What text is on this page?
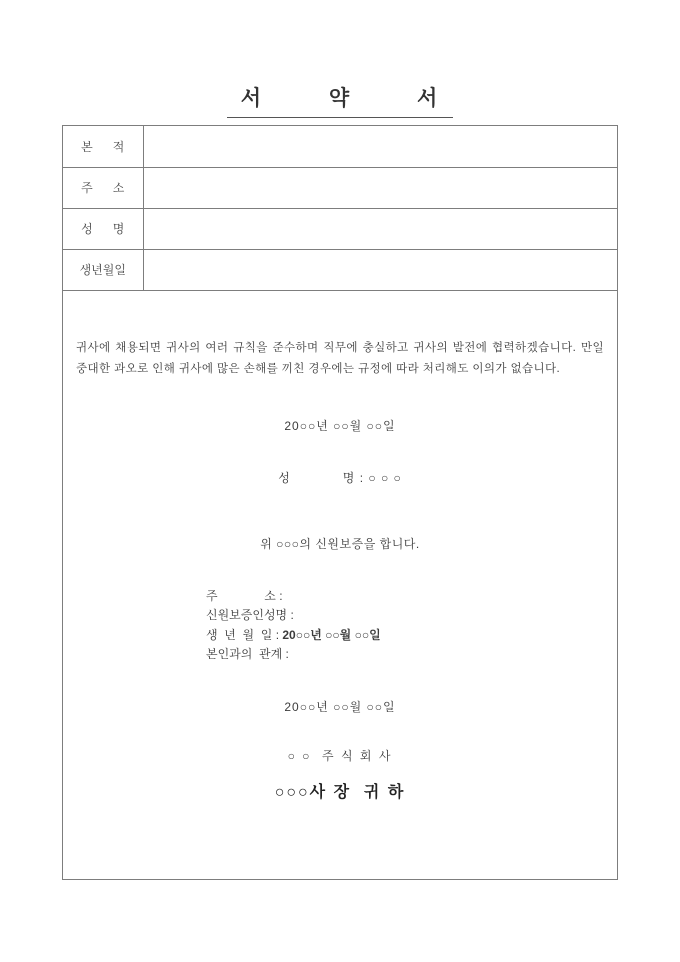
서 약 서
본      적	
주      소	
성      명	
생년월일	

귀사에 채용되면 귀사의 여러 규칙을 준수하며 직무에 충실하고 귀사의 발전에 협력하겠습니다. 만일 중대한 과오로 인해 귀사에 많은 손해를 끼친 경우에는 규정에 따라 처리해도 이의가 없습니다.

20○○년 ○○월 ○○일
성            명 : ○ ○ ○
위 ○○○의 신원보증을 합니다.
주              소 :
신원보증인성명 :
생  년  월  일 : 20○○년 ○○월 ○○일
본인과의  관계 :
20○○년 ○○월 ○○일
○ ○  주 식 회 사
○○○사 장  귀 하
